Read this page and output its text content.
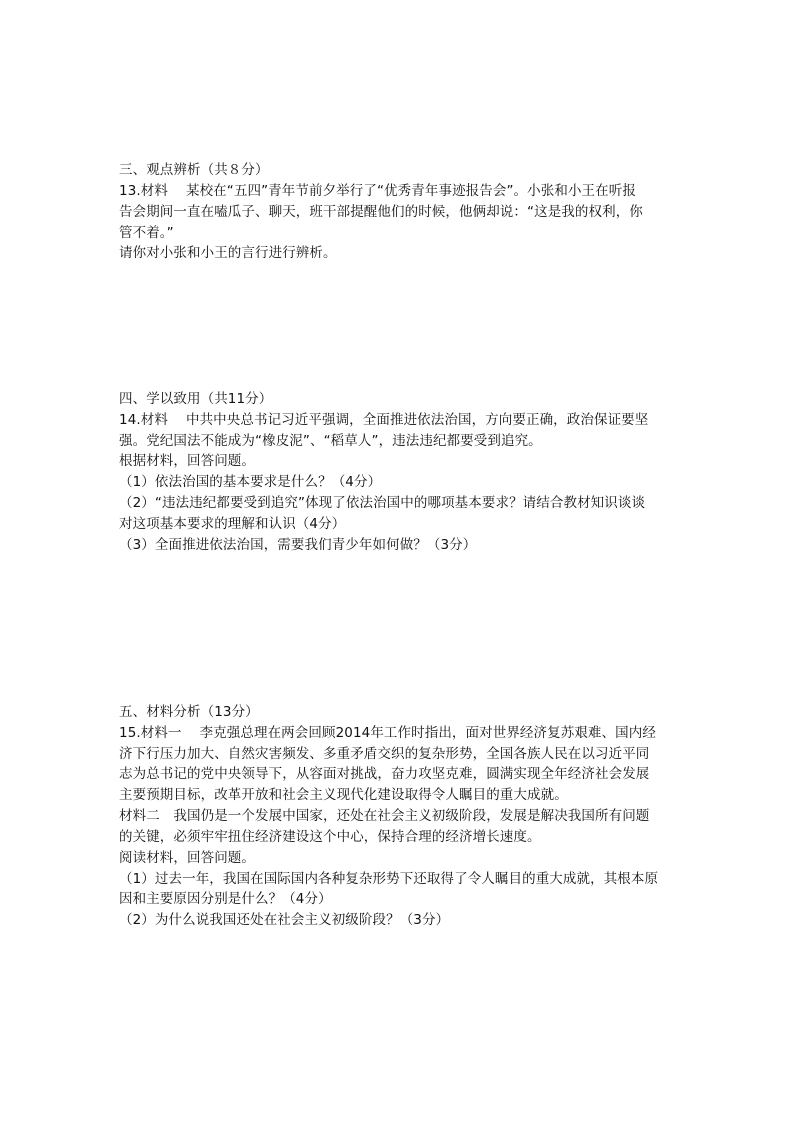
三、观点辨析（共８分）
13.材料 某校在“五四”青年节前夕举行了“优秀青年事迹报告会”。小张和小王在听报
告会期间一直在嗑瓜子、聊天，班干部提醒他们的时候，他俩却说：“这是我的权利，你
管不着。”
请你对小张和小王的言行进行辨析。
四、学以致用（共11分）
14.材料 中共中央总书记习近平强调，全面推进依法治国，方向要正确，政治保证要坚
强。党纪国法不能成为“橡皮泥”、“稻草人”，违法违纪都要受到追究。
根据材料，回答问题。
（1）依法治国的基本要求是什么？（4分）
（2）“违法违纪都要受到追究”体现了依法治国中的哪项基本要求？请结合教材知识谈谈
对这项基本要求的理解和认识（4分）
（3）全面推进依法治国，需要我们青少年如何做？（3分）
五、材料分析（13分）
15.材料一 李克强总理在两会回顾2014年工作时指出，面对世界经济复苏艰难、国内经
济下行压力加大、自然灾害频发、多重矛盾交织的复杂形势，全国各族人民在以习近平同
志为总书记的党中央领导下，从容面对挑战，奋力攻坚克难，圆满实现全年经济社会发展
主要预期目标，改革开放和社会主义现代化建设取得令人瞩目的重大成就。
材料二　我国仍是一个发展中国家，还处在社会主义初级阶段，发展是解决我国所有问题
的关键，必须牢牢扭住经济建设这个中心，保持合理的经济增长速度。
阅读材料，回答问题。
（1）过去一年，我国在国际国内各种复杂形势下还取得了令人瞩目的重大成就，其根本原
因和主要原因分别是什么？（4分）
（2）为什么说我国还处在社会主义初级阶段？（3分）
